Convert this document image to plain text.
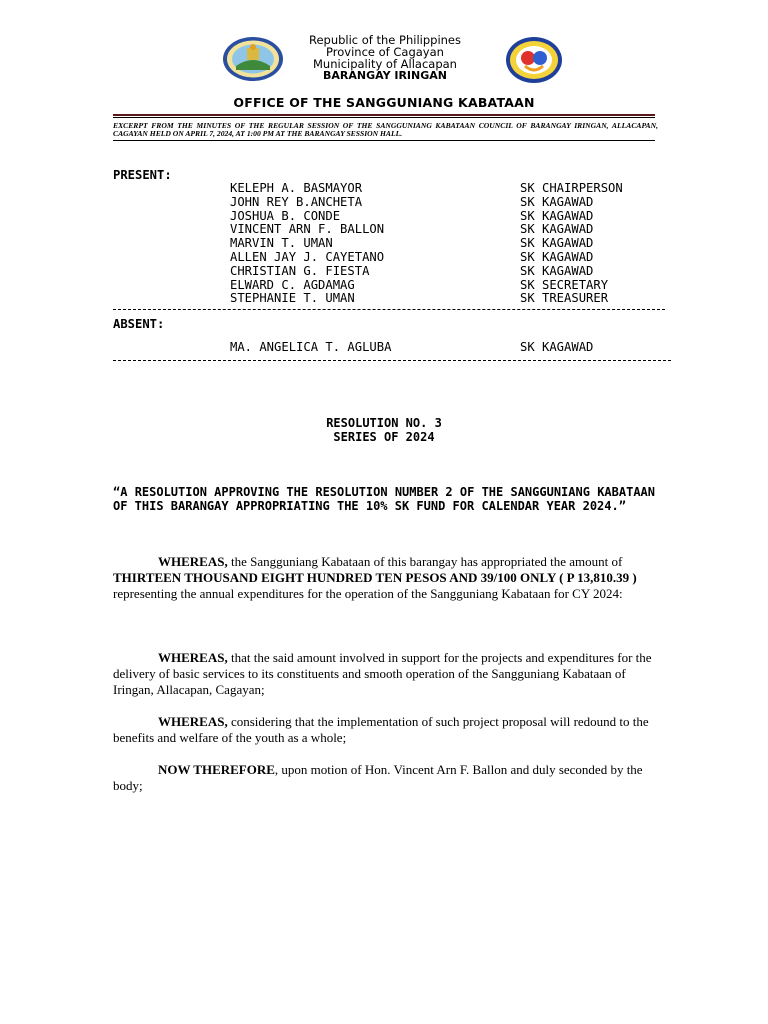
Republic of the Philippines
Province of Cagayan
Municipality of Allacapan
BARANGAY IRINGAN
OFFICE OF THE SANGGUNIANG KABATAAN
EXCERPT FROM THE MINUTES OF THE REGULAR SESSION OF THE SANGGUNIANG KABATAAN COUNCIL OF BARANGAY IRINGAN, ALLACAPAN, CAGAYAN HELD ON APRIL 7, 2024, AT 1:00 PM AT THE BARANGAY SESSION HALL.
PRESENT:
KELEPH A. BASMAYOR	SK CHAIRPERSON
JOHN REY B.ANCHETA	SK KAGAWAD
JOSHUA B. CONDE	SK KAGAWAD
VINCENT ARN F. BALLON	SK KAGAWAD
MARVIN T. UMAN	SK KAGAWAD
ALLEN JAY J. CAYETANO	SK KAGAWAD
CHRISTIAN G. FIESTA	SK KAGAWAD
ELWARD C. AGDAMAG	SK SECRETARY
STEPHANIE T. UMAN	SK TREASURER
ABSENT:
MA. ANGELICA T. AGLUBA	SK KAGAWAD
RESOLUTION NO. 3
SERIES OF 2024
“A RESOLUTION APPROVING THE RESOLUTION NUMBER 2 OF THE SANGGUNIANG KABATAAN OF THIS BARANGAY APPROPRIATING THE 10% SK FUND FOR CALENDAR YEAR 2024.”
WHEREAS, the Sangguniang Kabataan of this barangay has appropriated the amount of THIRTEEN THOUSAND EIGHT HUNDRED TEN PESOS AND 39/100 ONLY ( P 13,810.39 ) representing the annual expenditures for the operation of the Sangguniang Kabataan for CY 2024:
WHEREAS, that the said amount involved in support for the projects and expenditures for the delivery of basic services to its constituents and smooth operation of the Sangguniang Kabataan of Iringan, Allacapan, Cagayan;
WHEREAS, considering that the implementation of such project proposal will redound to the benefits and welfare of the youth as a whole;
NOW THEREFORE, upon motion of Hon. Vincent Arn F. Ballon and duly seconded by the body;
